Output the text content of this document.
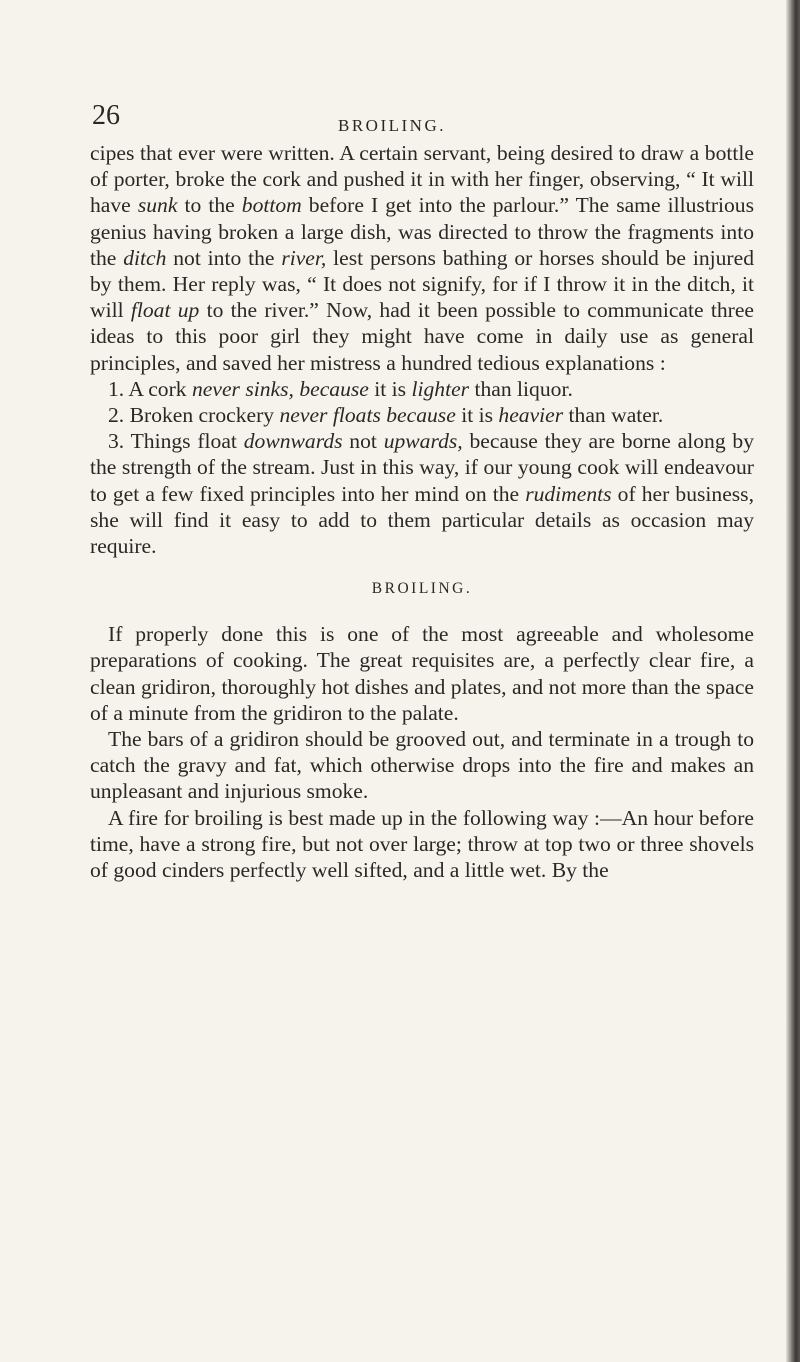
26	BROILING.

cipes that ever were written. A certain servant, being desired to draw a bottle of porter, broke the cork and pushed it in with her finger, observing, “ It will have sunk to the bottom before I get into the parlour.” The same illustrious genius having broken a large dish, was directed to throw the fragments into the ditch not into the river, lest persons bathing or horses should be injured by them. Her reply was, “ It does not signify, for if I throw it in the ditch, it will float up to the river.” Now, had it been possible to communicate three ideas to this poor girl they might have come in daily use as general principles, and saved her mistress a hundred tedious explanations :

1. A cork never sinks, because it is lighter than liquor.

2. Broken crockery never floats because it is heavier than water.

3. Things float downwards not upwards, because they are borne along by the strength of the stream. Just in this way, if our young cook will endeavour to get a few fixed principles into her mind on the rudiments of her business, she will find it easy to add to them particular details as occasion may require.

BROILING.

If properly done this is one of the most agreeable and wholesome preparations of cooking. The great requisites are, a perfectly clear fire, a clean gridiron, thoroughly hot dishes and plates, and not more than the space of a minute from the gridiron to the palate.

The bars of a gridiron should be grooved out, and terminate in a trough to catch the gravy and fat, which otherwise drops into the fire and makes an unpleasant and injurious smoke.

A fire for broiling is best made up in the following way :—An hour before time, have a strong fire, but not over large; throw at top two or three shovels of good cinders perfectly well sifted, and a little wet. By the
